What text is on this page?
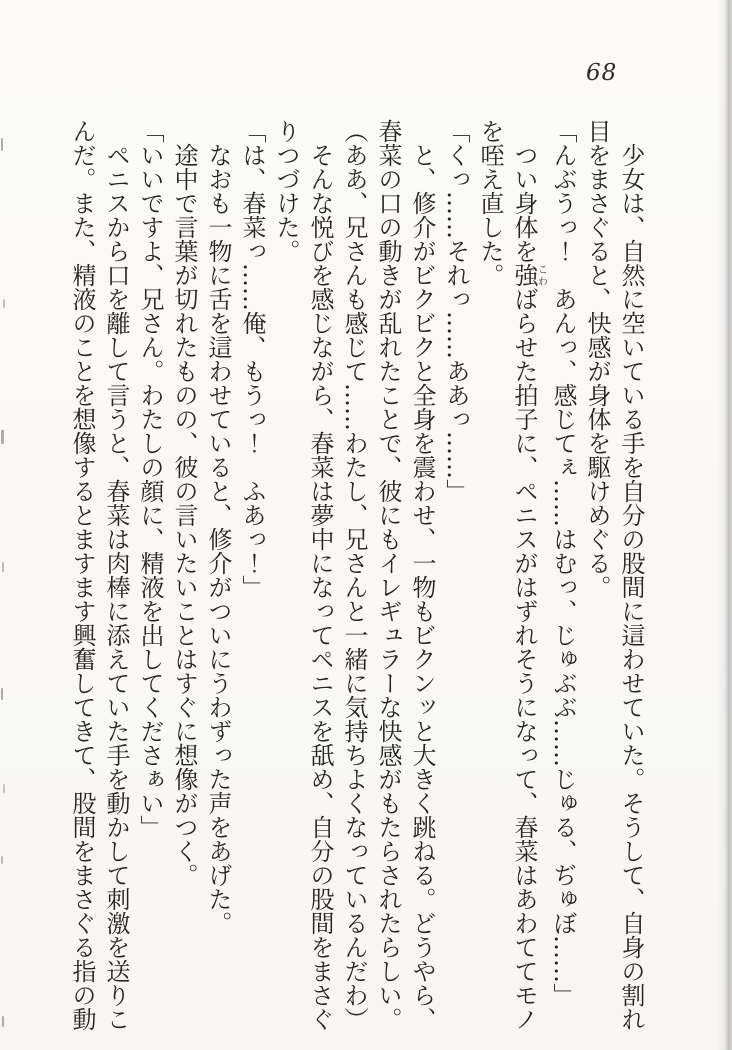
68

　少女は、自然に空いている手を自分の股間に這わせていた。そうして、自身の割れ目をまさぐると、快感が身体を駆けめぐる。

「んぶうっ！　あんっ、感じてぇ……はむっ、じゅぶぶ……じゅる、ぢゅぼ……」

　つい身体を強こわばらせた拍子に、ペニスがはずれそうになって、春菜はあわててモノを咥え直した。

「くっ……それっ……ああっ……」

　と、修介がビクビクと全身を震わせ、一物もビクンッと大きく跳ねる。どうやら、春菜の口の動きが乱れたことで、彼にもイレギュラーな快感がもたらされたらしい。

（ああ、兄さんも感じて……わたし、兄さんと一緒に気持ちよくなっているんだわ）

　そんな悦びを感じながら、春菜は夢中になってペニスを舐め、自分の股間をまさぐりつづけた。

「は、春菜っ……俺、もうっ！　ふあっ！」

　なおも一物に舌を這わせていると、修介がついにうわずった声をあげた。

　途中で言葉が切れたものの、彼の言いたいことはすぐに想像がつく。

「いいですよ、兄さん。わたしの顔に、精液を出してくださぁい」

　ペニスから口を離して言うと、春菜は肉棒に添えていた手を動かして刺激を送りこんだ。また、精液のことを想像するとますます興奮してきて、股間をまさぐる指の動
